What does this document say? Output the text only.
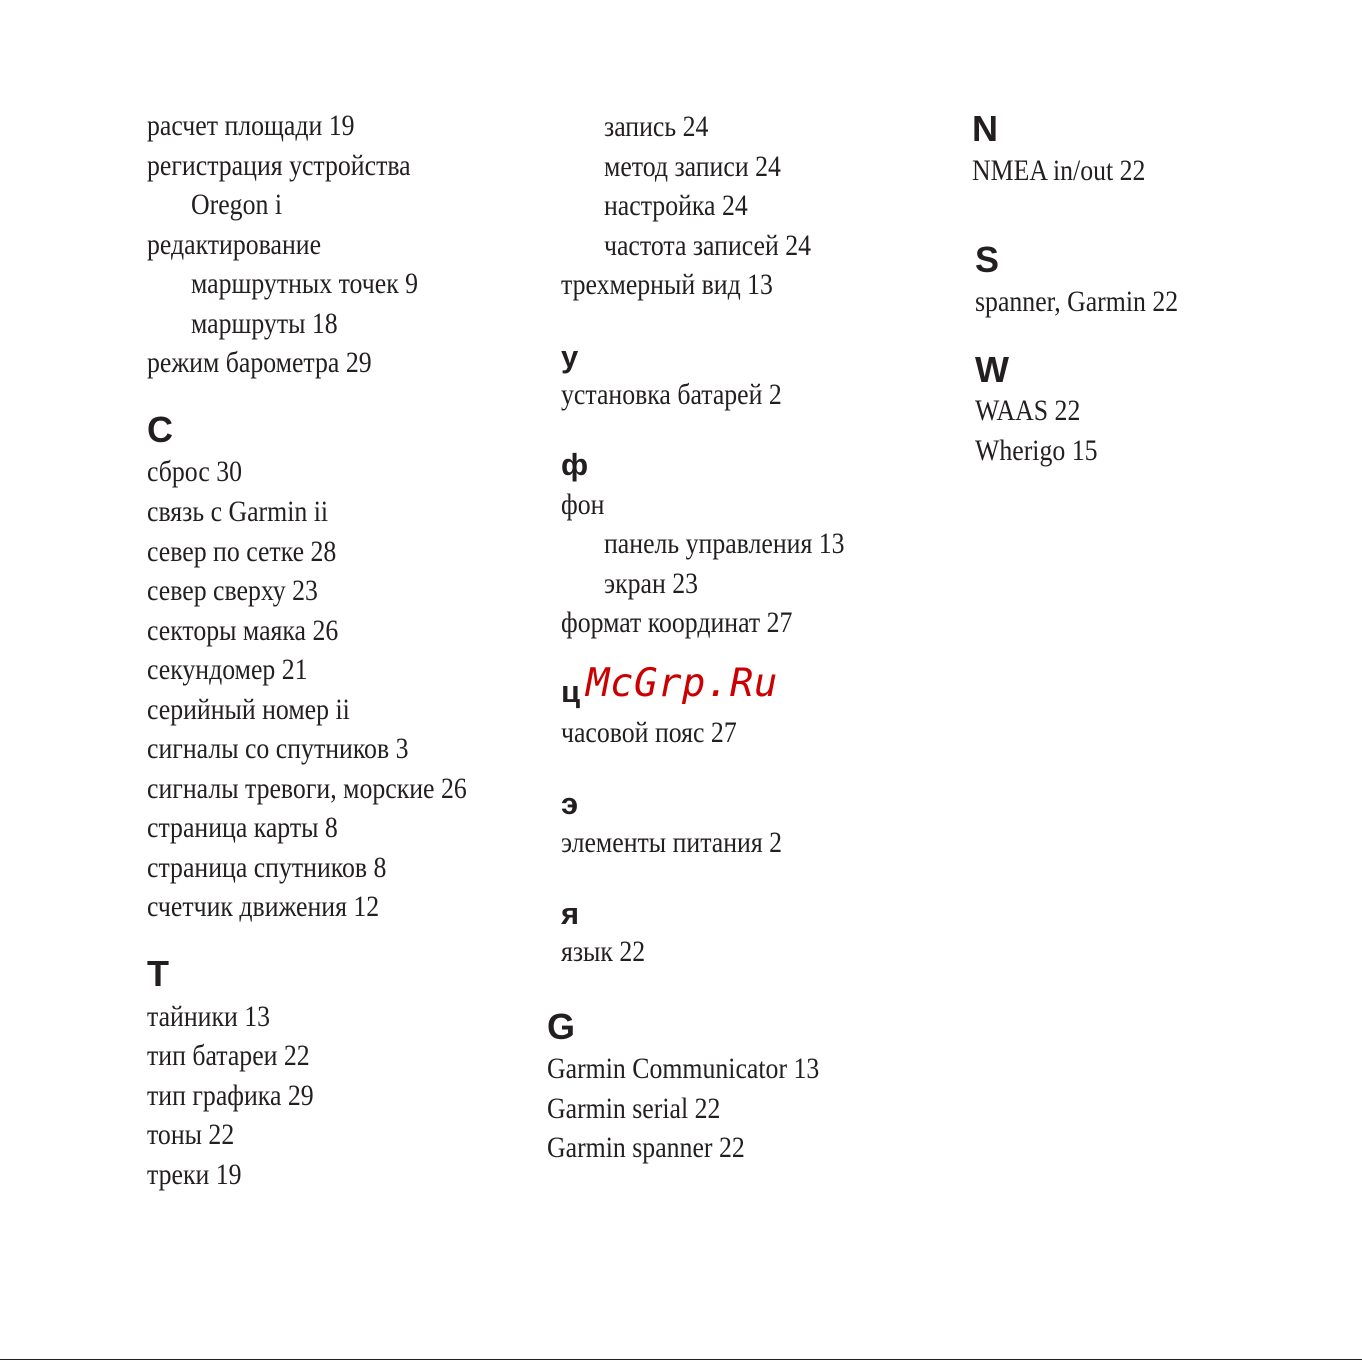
расчет площади 19
регистрация устройства
Oregon i
редактирование
маршрутных точек 9
маршруты 18
режим барометра 29
С
сброс 30
связь с Garmin ii
север по сетке 28
север сверху 23
секторы маяка 26
секундомер 21
серийный номер ii
сигналы со спутников 3
сигналы тревоги, морские 26
страница карты 8
страница спутников 8
счетчик движения 12
Т
тайники 13
тип батареи 22
тип графика 29
тоны 22
треки 19
запись 24
метод записи 24
настройка 24
частота записей 24
трехмерный вид 13
у
установка батарей 2
ф
фон
панель управления 13
экран 23
формат координат 27
ц
часовой пояс 27
э
элементы питания 2
я
язык 22
G
Garmin Communicator 13
Garmin serial 22
Garmin spanner 22
N
NMEA in/out 22
S
spanner, Garmin 22
W
WAAS 22
Wherigo 15
McGrp.Ru
